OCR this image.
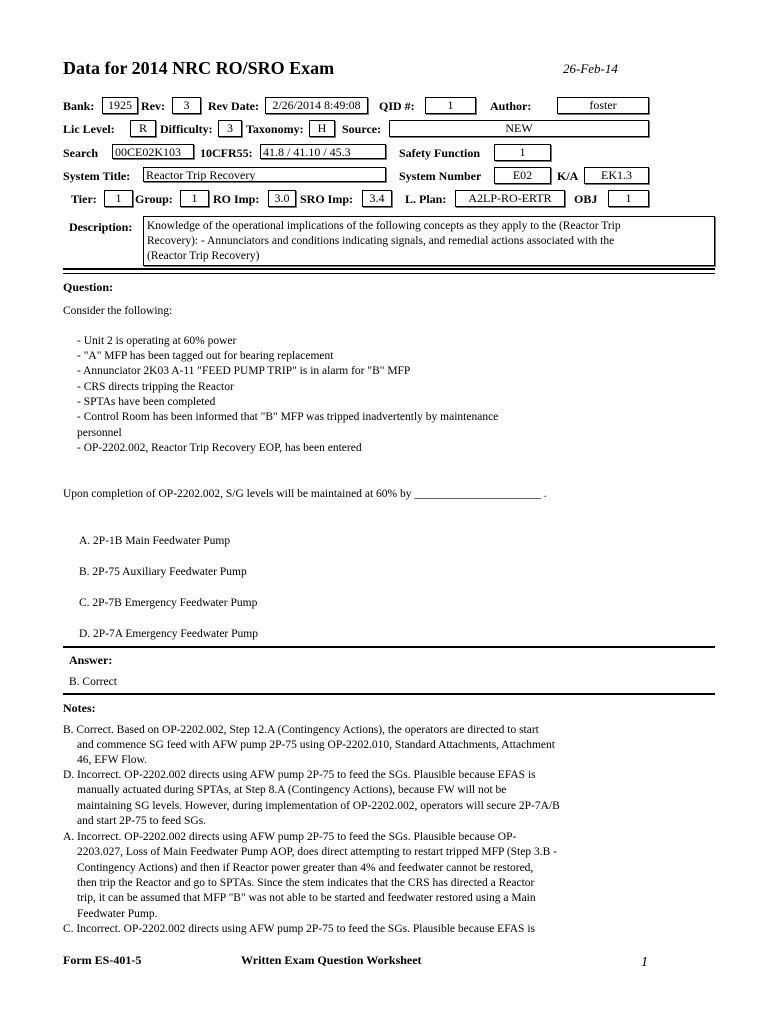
Data for 2014 NRC RO/SRO Exam	26-Feb-14
Bank:	1925 Rev:	3	Rev Date:	2/26/2014 8:49:08	QID #:	1	Author:	foster
Lic Level:	R	Difficulty:	3	Taxonomy:	H	Source:	NEW
Search 00CE02K103	10CFR55: 41.8 / 41.10 / 45.3	Safety Function	1
System Title: Reactor Trip Recovery	System Number	E02	K/A	EK1.3
Tier:	1	Group:	1	RO Imp:	3.0 SRO Imp:	3.4	L. Plan:	A2LP-RO-ERTR	OBJ	1
Description: Knowledge of the operational implications of the following concepts as they apply to the (Reactor Trip
Recovery): - Annunciators and conditions indicating signals, and remedial actions associated with the
(Reactor Trip Recovery)
Question:
Consider the following:
- Unit 2 is operating at 60% power
- "A" MFP has been tagged out for bearing replacement
- Annunciator 2K03 A-11 "FEED PUMP TRIP" is in alarm for "B" MFP
- CRS directs tripping the Reactor
- SPTAs have been completed
- Control Room has been informed that "B" MFP was tripped inadvertently by maintenance
personnel
- OP-2202.002, Reactor Trip Recovery EOP, has been entered
Upon completion of OP-2202.002, S/G levels will be maintained at 60% by ______________________ .
A. 2P-1B Main Feedwater Pump
B. 2P-75 Auxiliary Feedwater Pump
C. 2P-7B Emergency Feedwater Pump
D. 2P-7A Emergency Feedwater Pump
Answer:
B. Correct
Notes:
B. Correct. Based on OP-2202.002, Step 12.A (Contingency Actions), the operators are directed to start
and commence SG feed with AFW pump 2P-75 using OP-2202.010, Standard Attachments, Attachment
46, EFW Flow.
D. Incorrect. OP-2202.002 directs using AFW pump 2P-75 to feed the SGs. Plausible because EFAS is
manually actuated during SPTAs, at Step 8.A (Contingency Actions), because FW will not be
maintaining SG levels. However, during implementation of OP-2202.002, operators will secure 2P-7A/B
and start 2P-75 to feed SGs.
A. Incorrect. OP-2202.002 directs using AFW pump 2P-75 to feed the SGs. Plausible because OP-
2203.027, Loss of Main Feedwater Pump AOP, does direct attempting to restart tripped MFP (Step 3.B -
Contingency Actions) and then if Reactor power greater than 4% and feedwater cannot be restored,
then trip the Reactor and go to SPTAs. Since the stem indicates that the CRS has directed a Reactor
trip, it can be assumed that MFP "B" was not able to be started and feedwater restored using a Main
Feedwater Pump.
C. Incorrect. OP-2202.002 directs using AFW pump 2P-75 to feed the SGs. Plausible because EFAS is
Form ES-401-5	Written Exam Question Worksheet	1
